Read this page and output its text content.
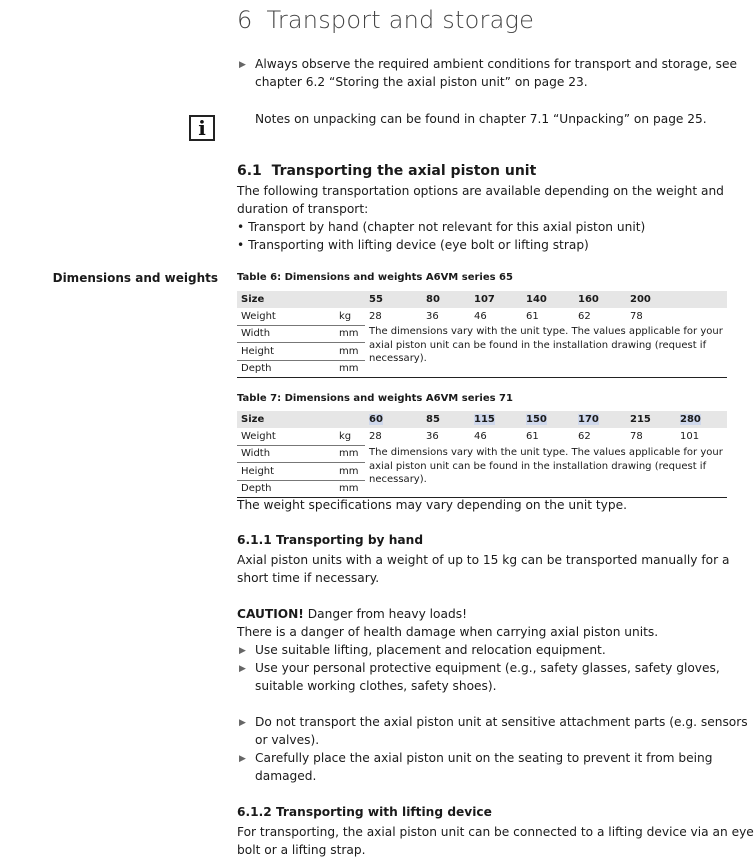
6 Transport and storage
▶ Always observe the required ambient conditions for transport and storage, see
chapter 6.2 “Storing the axial piston unit” on page 23.
i	Notes on unpacking can be found in chapter 7.1 “Unpacking” on page 25.
6.1 Transporting the axial piston unit
The following transportation options are available depending on the weight and
duration of transport:
• Transport by hand (chapter not relevant for this axial piston unit)
• Transporting with lifting device (eye bolt or lifting strap)
Dimensions and weights Table 6: Dimensions and weights A6VM series 65
Size		55	80	107	140	160	200
Weight	kg	28	36	46	61	62	78
Width	mm						
Height	mm						
Depth	mm						
The dimensions vary with the unit type. The values applicable for your
axial piston unit can be found in the installation drawing (request if
necessary).
Table 7: Dimensions and weights A6VM series 71
Size		60	85	115	150	170	215	280
Weight	kg	28	36	46	61	62	78	101
Width	mm							
Height	mm							
Depth	mm							
The dimensions vary with the unit type. The values applicable for your
axial piston unit can be found in the installation drawing (request if
necessary).
The weight specifications may vary depending on the unit type.
6.1.1 Transporting by hand
Axial piston units with a weight of up to 15 kg can be transported manually for a
short time if necessary.
CAUTION! Danger from heavy loads!
There is a danger of health damage when carrying axial piston units.
▶ Use suitable lifting, placement and relocation equipment.
▶ Use your personal protective equipment (e.g., safety glasses, safety gloves,
suitable working clothes, safety shoes).
▶ Do not transport the axial piston unit at sensitive attachment parts (e.g. sensors
or valves).
▶ Carefully place the axial piston unit on the seating to prevent it from being
damaged.
6.1.2 Transporting with lifting device
For transporting, the axial piston unit can be connected to a lifting device via an eye
bolt or a lifting strap.
